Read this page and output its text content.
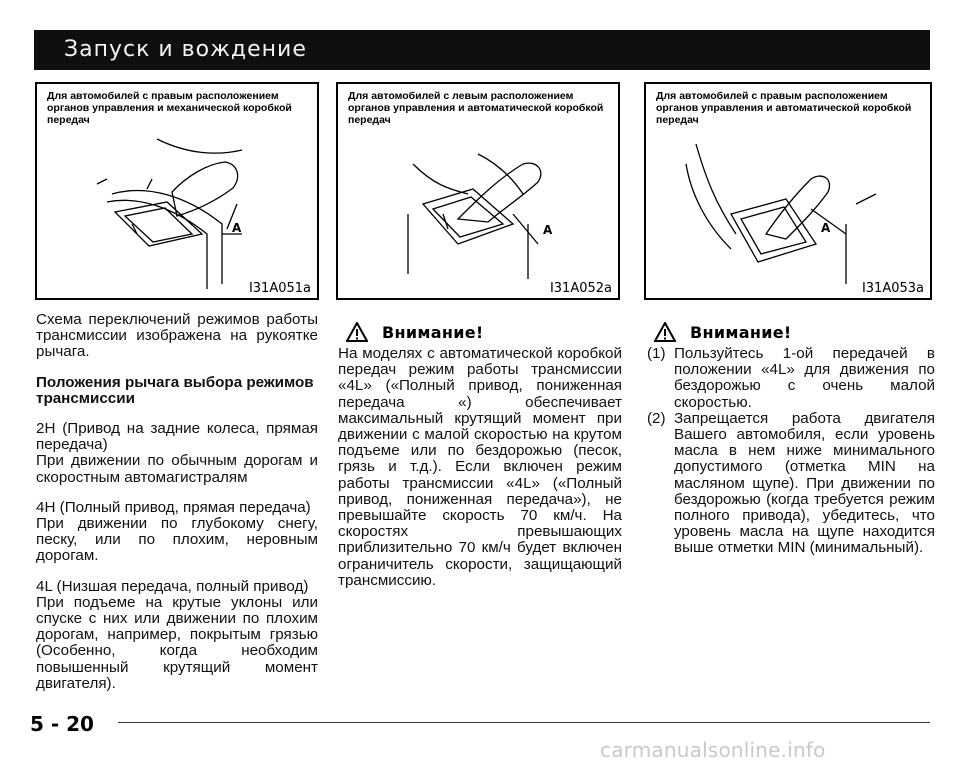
Запуск и вождение
A
Для автомобилей с правым расположением органов управления и механической коробкой передач
I31A051a
A
Для автомобилей с левым расположением органов управления и автоматической коробкой передач
I31A052a
A
Для автомобилей с правым расположением органов управления и автоматической коробкой передач
I31A053a

Схема переключений режимов работы трансмиссии изображена на рукоятке рычага.

Положения рычага выбора режимов трансмиссии

2H (Привод на задние колеса, прямая передача)

При движении по обычным дорогам и скоростным автомагистралям

4H (Полный привод, прямая передача)

При движении по глубокому снегу, песку, или по плохим, неровным дорогам.

4L (Низшая передача, полный привод)

При подъеме на крутые уклоны или спуске с них или движении по плохим дорогам, например, покрытым грязью (Особенно, когда необходим повышенный крутящий момент двигателя).

Внимание!

На моделях с автоматической коробкой передач режим работы трансмиссии «4L» («Полный привод, пониженная передача «) обеспечивает максимальный крутящий момент при движении с малой скоростью на крутом подъеме или по бездорожью (песок, грязь и т.д.). Если включен режим работы трансмиссии «4L» («Полный привод, пониженная передача»), не превышайте скорость 70 км/ч. На скоростях превышающих приблизительно 70 км/ч будет включен ограничитель скорости, защищающий трансмиссию.

Внимание!
(1) Пользуйтесь 1-ой передачей в положении «4L» для движения по бездорожью с очень малой скоростью.
(2) Запрещается работа двигателя Вашего автомобиля, если уровень масла в нем ниже минимального допустимого (отметка MIN на масляном щупе). При движении по бездорожью (когда требуется режим полного привода), убедитесь, что уровень масла на щупе находится выше отметки MIN (минимальный).
5 - 20
carmanualsonline.info
